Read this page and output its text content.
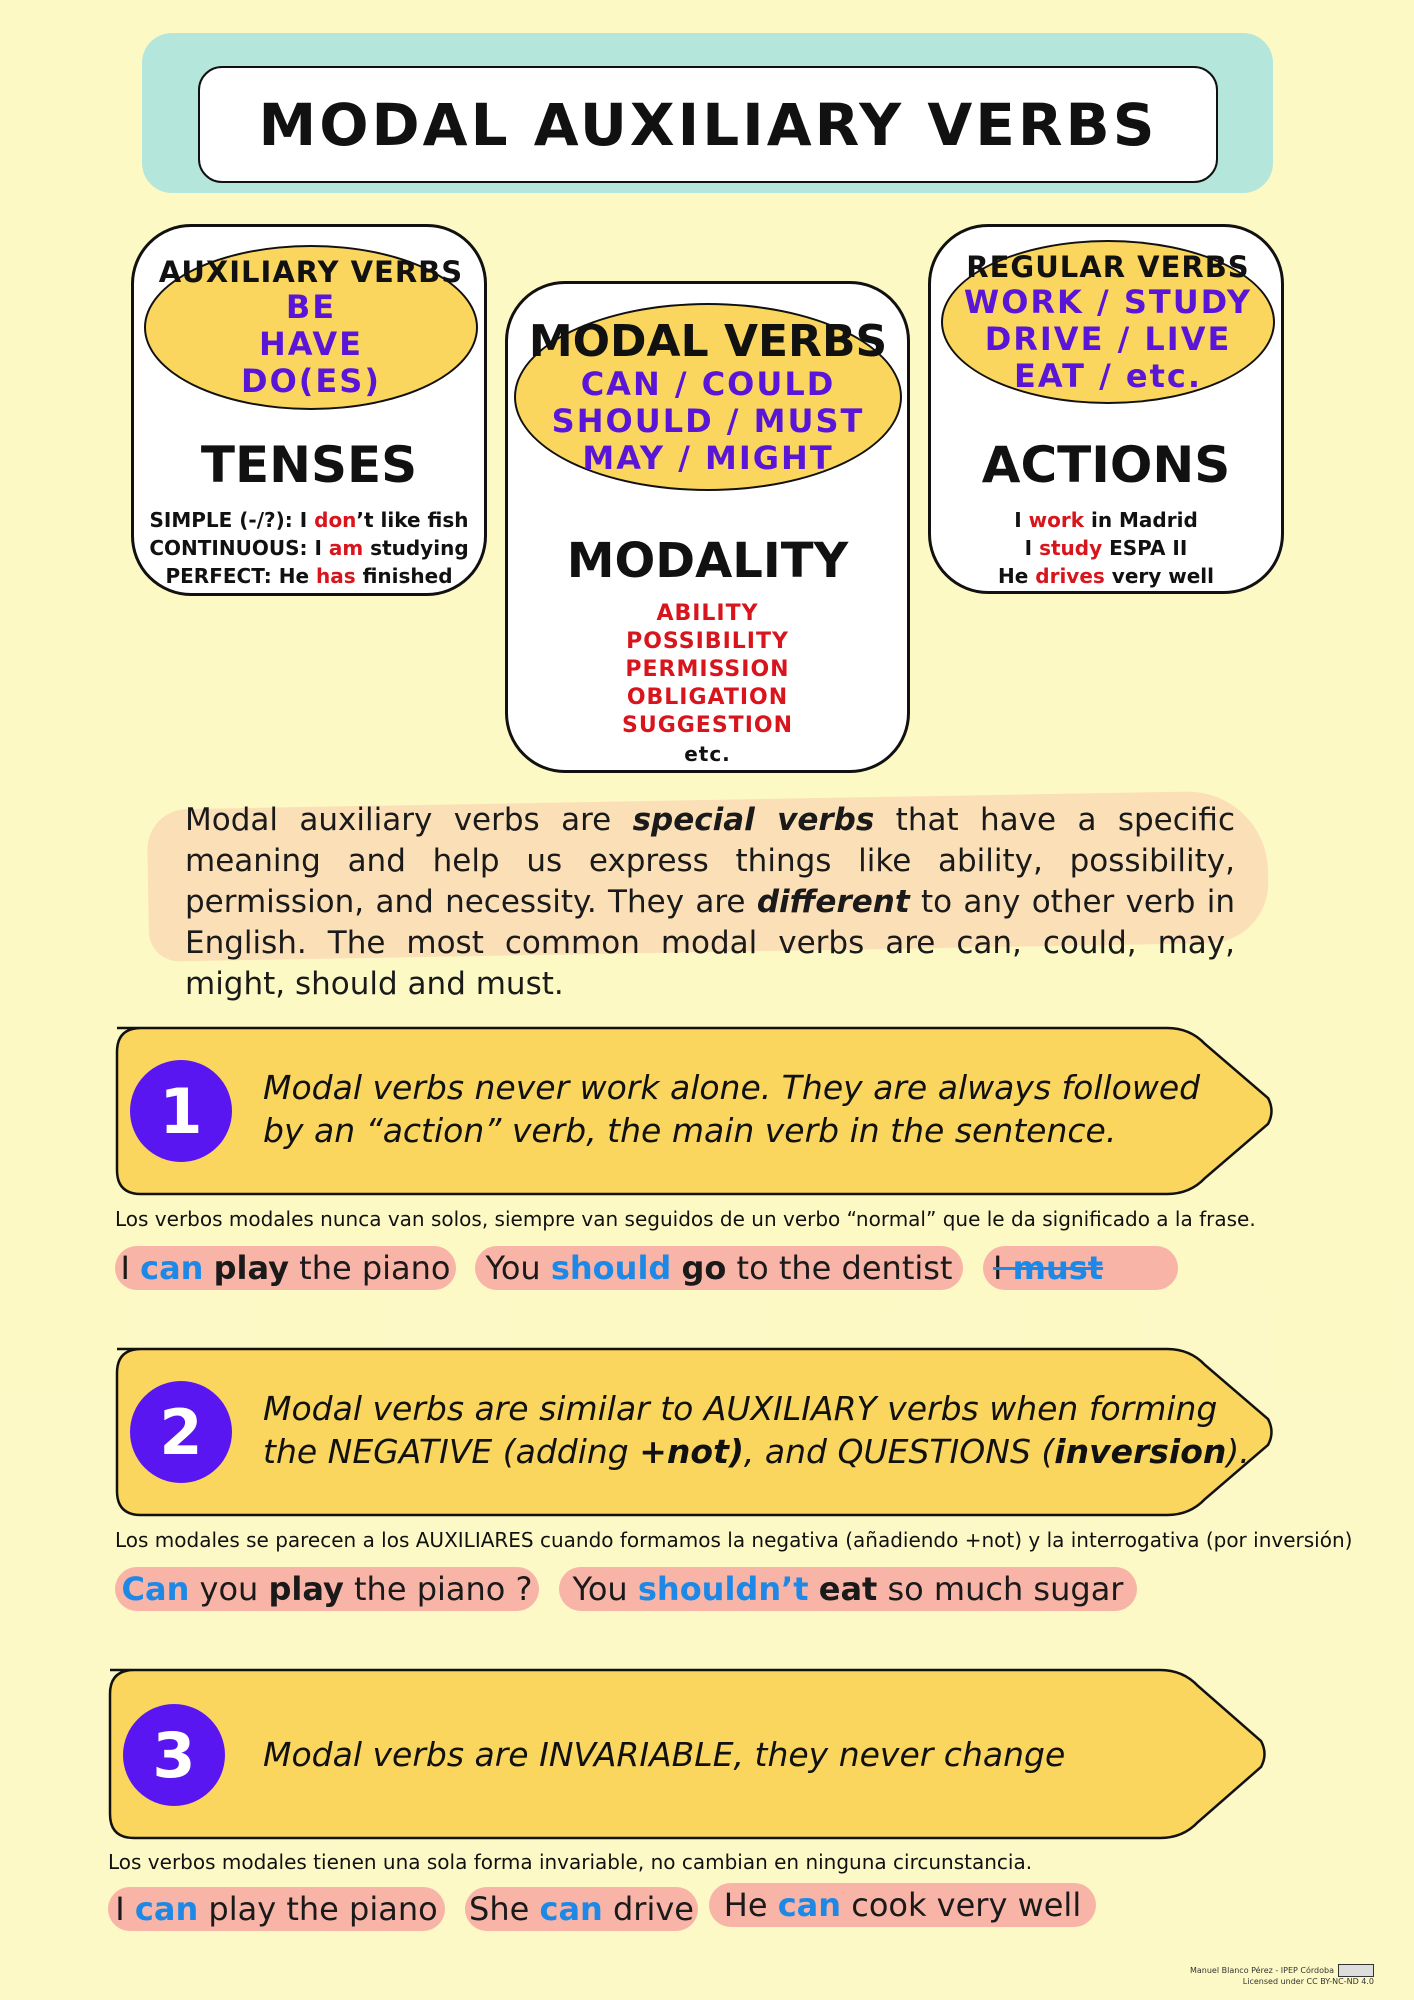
MODAL AUXILIARY VERBS
AUXILIARY VERBS
BE
HAVE
DO(ES)
TENSES
SIMPLE (-/?): I don’t like fish
CONTINUOUS: I am studying
PERFECT: He has finished
MODAL VERBS
CAN / COULD
SHOULD / MUST
MAY / MIGHT
MODALITY
ABILITY
POSSIBILITY
PERMISSION
OBLIGATION
SUGGESTION
etc.
REGULAR VERBS
WORK / STUDY
DRIVE / LIVE
EAT / etc.
ACTIONS
I work in Madrid
I study ESPA II
He drives very well
Modal auxiliary verbs are special verbs that have a specific meaning and help us express things like ability, possibility, permission, and necessity. They are different to any other verb in English. The most common modal verbs are can, could, may, might, should and must.
1	Modal verbs never work alone. They are always followed
by an “action” verb, the main verb in the sentence.
Los verbos modales nunca van solos, siempre van seguidos de un verbo “normal” que le da significado a la frase.
I can play the piano	You should go to the dentist	I must
2	Modal verbs are similar to AUXILIARY verbs when forming
the NEGATIVE (adding +not), and QUESTIONS (inversion).
Los modales se parecen a los AUXILIARES cuando formamos la negativa (añadiendo +not) y la interrogativa (por inversión)
Can you play the piano ?	You shouldn’t eat so much sugar
3	Modal verbs are INVARIABLE, they never change
Los verbos modales tienen una sola forma invariable, no cambian en ninguna circunstancia.
I can play the piano She can drive He can cook very well
Manuel Blanco Pérez - IPEP Córdoba
Licensed under CC BY-NC-ND 4.0
